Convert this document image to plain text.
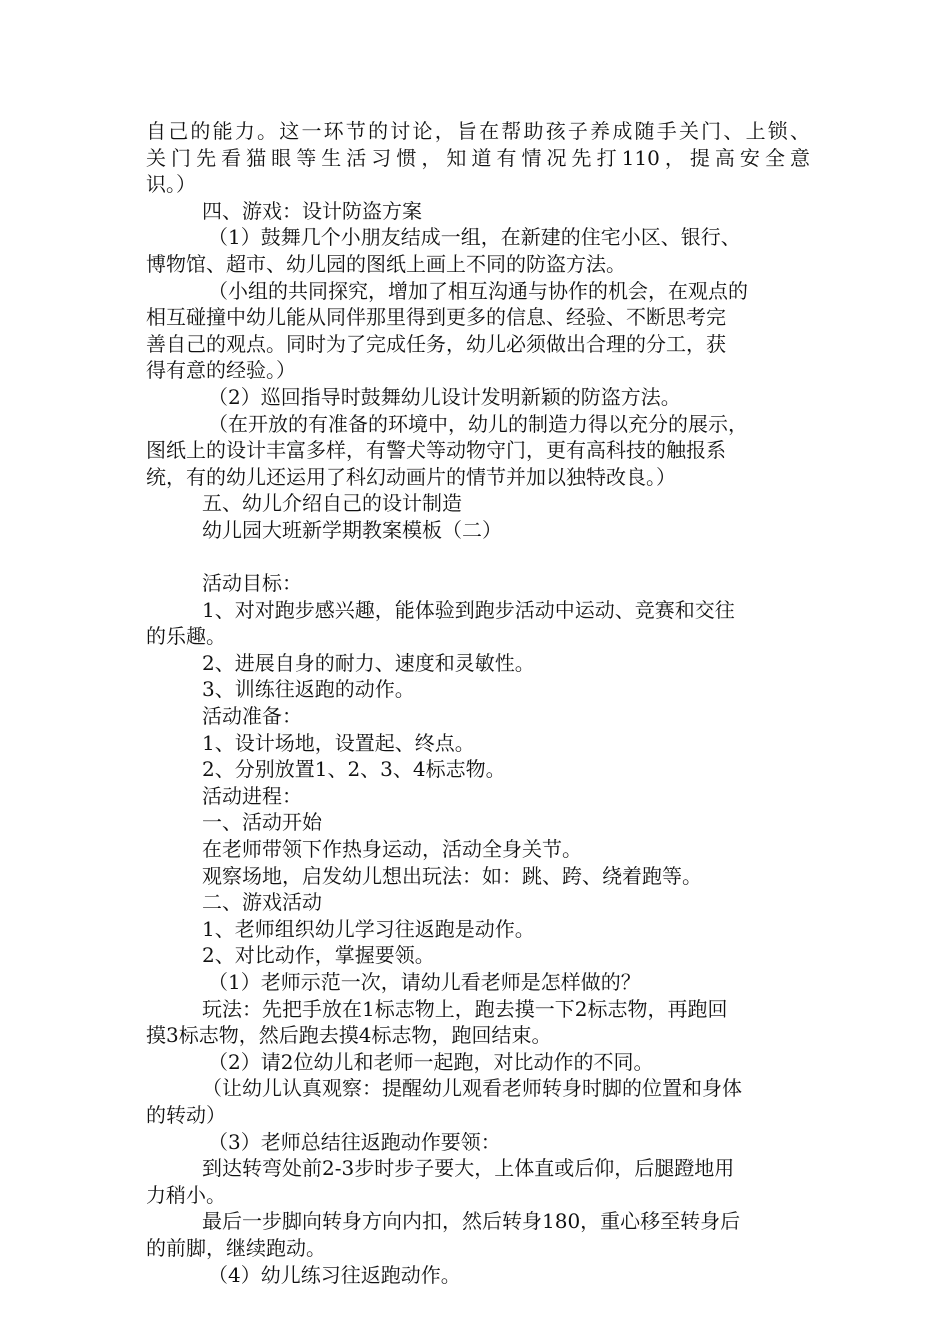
自己的能力。这一环节的讨论，旨在帮助孩子养成随手关门、上锁、
关门先看猫眼等生活习惯，知道有情况先打110，提高安全意
识。）
四、游戏：设计防盗方案
（1）鼓舞几个小朋友结成一组，在新建的住宅小区、银行、
博物馆、超市、幼儿园的图纸上画上不同的防盗方法。
（小组的共同探究，增加了相互沟通与协作的机会，在观点的
相互碰撞中幼儿能从同伴那里得到更多的信息、经验、不断思考完
善自己的观点。同时为了完成任务，幼儿必须做出合理的分工，获
得有意的经验。）
（2）巡回指导时鼓舞幼儿设计发明新颖的防盗方法。
（在开放的有准备的环境中，幼儿的制造力得以充分的展示，
图纸上的设计丰富多样，有警犬等动物守门，更有高科技的触报系
统，有的幼儿还运用了科幻动画片的情节并加以独特改良。）
五、幼儿介绍自己的设计制造
幼儿园大班新学期教案模板（二）
活动目标：
1、对对跑步感兴趣，能体验到跑步活动中运动、竞赛和交往
的乐趣。
2、进展自身的耐力、速度和灵敏性。
3、训练往返跑的动作。
活动准备：
1、设计场地，设置起、终点。
2、分别放置1、2、3、4标志物。
活动进程：
一、活动开始
在老师带领下作热身运动，活动全身关节。
观察场地，启发幼儿想出玩法：如：跳、跨、绕着跑等。
二、游戏活动
1、老师组织幼儿学习往返跑是动作。
2、对比动作，掌握要领。
（1）老师示范一次，请幼儿看老师是怎样做的？
玩法：先把手放在1标志物上，跑去摸一下2标志物，再跑回
摸3标志物，然后跑去摸4标志物，跑回结束。
（2）请2位幼儿和老师一起跑，对比动作的不同。
（让幼儿认真观察：提醒幼儿观看老师转身时脚的位置和身体
的转动）
（3）老师总结往返跑动作要领：
到达转弯处前2-3步时步子要大，上体直或后仰，后腿蹬地用
力稍小。
最后一步脚向转身方向内扣，然后转身180，重心移至转身后
的前脚，继续跑动。
（4）幼儿练习往返跑动作。
